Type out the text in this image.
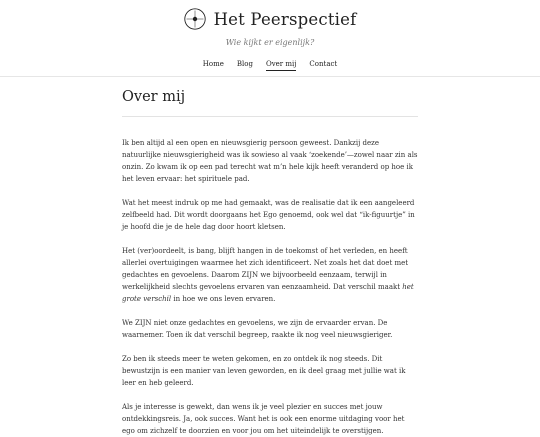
Het Peerspectief
Wie kijkt er eigenlijk?
Home Blog Over mij Contact
Over mij

Ik ben altijd al een open en nieuwsgierig persoon geweest. Dankzij deze natuurlijke nieuwsgierigheid was ik sowieso al vaak ‘zoekende’—zowel naar zin als onzin. Zo kwam ik op een pad terecht wat m’n hele kijk heeft veranderd op hoe ik het leven ervaar: het spirituele pad.

Wat het meest indruk op me had gemaakt, was de realisatie dat ik een aangeleerd zelfbeeld had. Dit wordt doorgaans het Ego genoemd, ook wel dat “ik-figuurtje” in je hoofd die je de hele dag door hoort kletsen.

Het (ver)oordeelt, is bang, blijft hangen in de toekomst of het verleden, en heeft allerlei overtuigingen waarmee het zich identificeert. Net zoals het dat doet met gedachtes en gevoelens. Daarom ZIJN we bijvoorbeeld eenzaam, terwijl in werkelijkheid slechts gevoelens ervaren van eenzaamheid. Dat verschil maakt het grote verschil in hoe we ons leven ervaren.

We ZIJN niet onze gedachtes en gevoelens, we zijn de ervaarder ervan. De waarnemer. Toen ik dat verschil begreep, raakte ik nog veel nieuwsgieriger.

Zo ben ik steeds meer te weten gekomen, en zo ontdek ik nog steeds. Dit bewustzijn is een manier van leven geworden, en ik deel graag met jullie wat ik leer en heb geleerd.

Als je interesse is gewekt, dan wens ik je veel plezier en succes met jouw ontdekkingsreis. Ja, ook succes. Want het is ook een enorme uitdaging voor het ego om zichzelf te doorzien en voor jou om het uiteindelijk te overstijgen.
